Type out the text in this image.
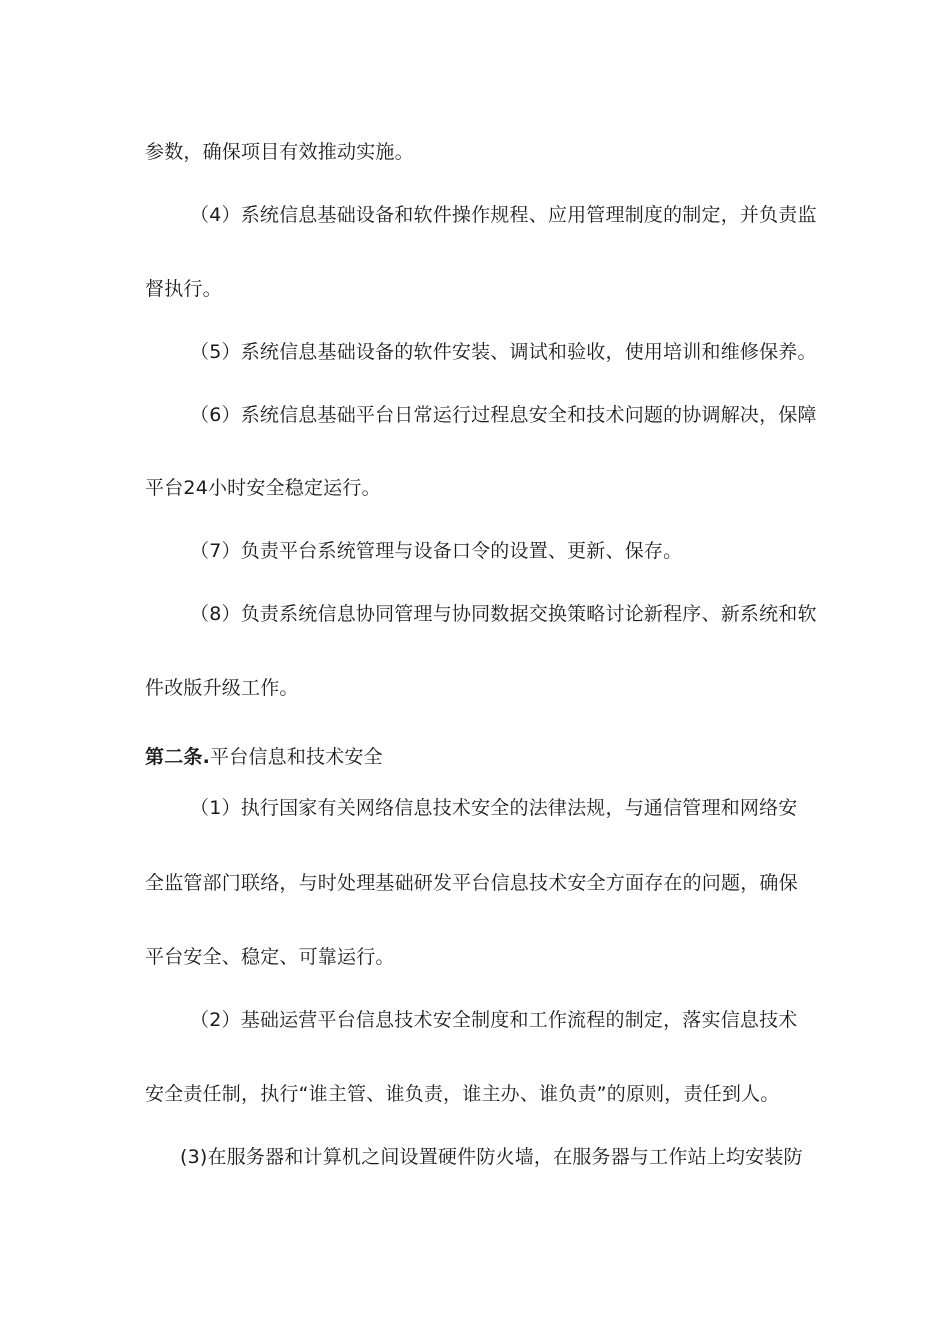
参数，确保项目有效推动实施。
（4）系统信息基础设备和软件操作规程、应用管理制度的制定，并负责监
督执行。
（5）系统信息基础设备的软件安装、调试和验收，使用培训和维修保养。
（6）系统信息基础平台日常运行过程息安全和技术问题的协调解决，保障
平台24小时安全稳定运行。
（7）负责平台系统管理与设备口令的设置、更新、保存。
（8）负责系统信息协同管理与协同数据交换策略讨论新程序、新系统和软
件改版升级工作。
第二条.平台信息和技术安全
（1）执行国家有关网络信息技术安全的法律法规，与通信管理和网络安
全监管部门联络，与时处理基础研发平台信息技术安全方面存在的问题，确保
平台安全、稳定、可靠运行。
（2）基础运营平台信息技术安全制度和工作流程的制定，落实信息技术
安全责任制，执行“谁主管、谁负责，谁主办、谁负责”的原则，责任到人。
(3)在服务器和计算机之间设置硬件防火墙，在服务器与工作站上均安装防
